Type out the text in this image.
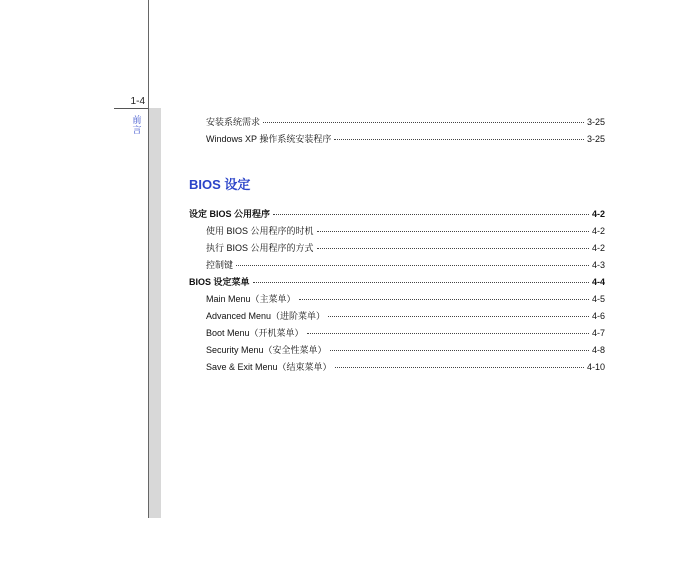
1-4
前言
安装系统需求	3-25
Windows XP 操作系统安装程序	3-25
BIOS 设定
设定 BIOS 公用程序	4-2
使用 BIOS 公用程序的时机	4-2
执行 BIOS 公用程序的方式	4-2
控制键	4-3
BIOS 设定菜单	4-4
Main Menu（主菜单）	4-5
Advanced Menu（进阶菜单）	4-6
Boot Menu（开机菜单）	4-7
Security Menu（安全性菜单）	4-8
Save & Exit Menu（结束菜单）	4-10
